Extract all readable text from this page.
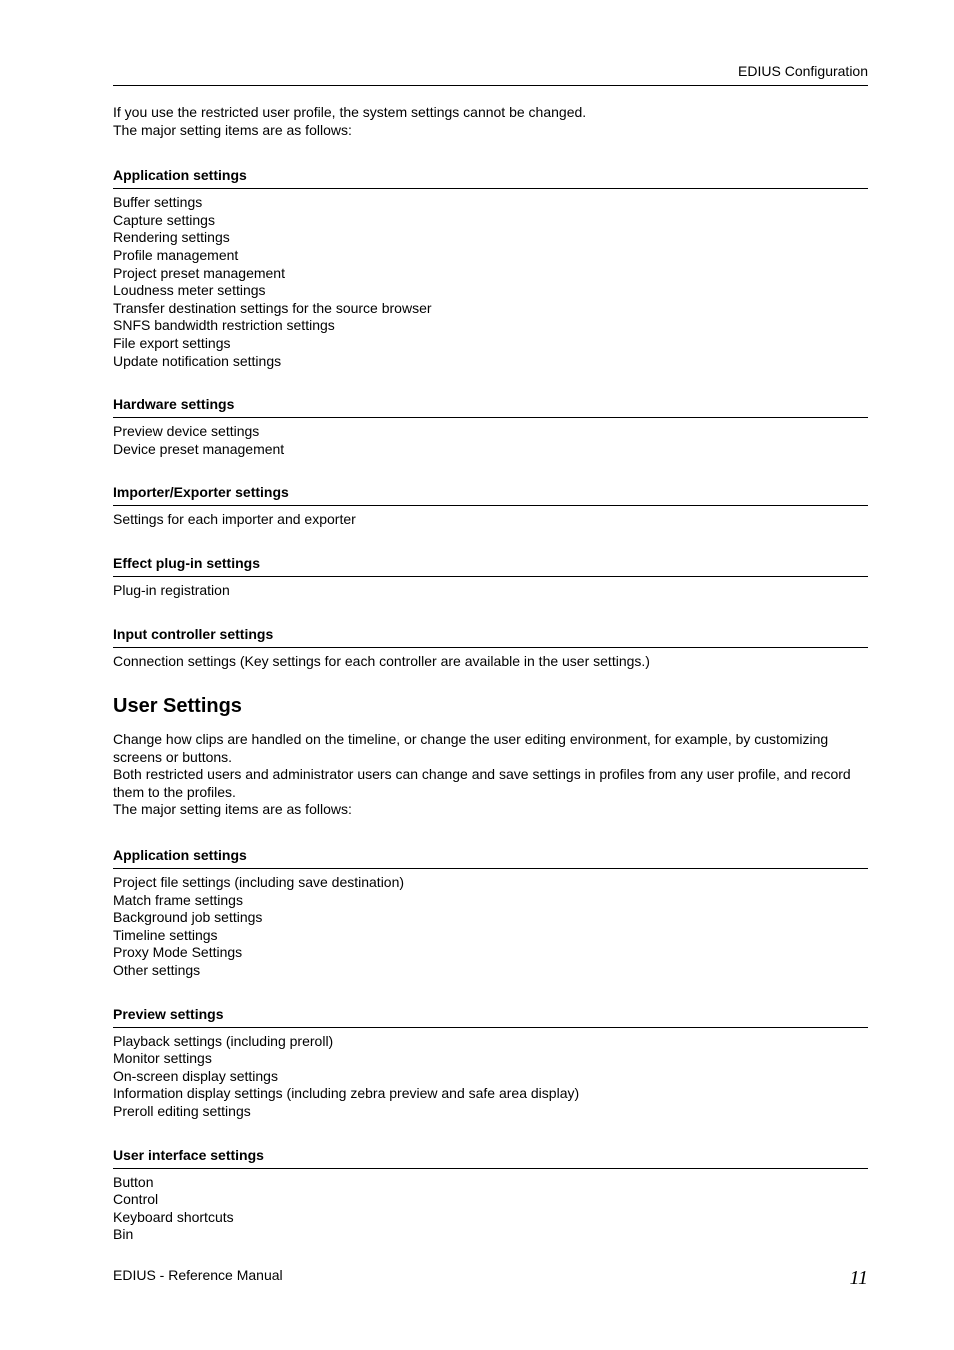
EDIUS Configuration

If you use the restricted user profile, the system settings cannot be changed.

The major setting items are as follows:

Application settings
Buffer settings
Capture settings
Rendering settings
Profile management
Project preset management
Loudness meter settings
Transfer destination settings for the source browser
SNFS bandwidth restriction settings
File export settings
Update notification settings
Hardware settings
Preview device settings
Device preset management
Importer/Exporter settings
Settings for each importer and exporter
Effect plug-in settings
Plug-in registration
Input controller settings
Connection settings (Key settings for each controller are available in the user settings.)
User Settings

Change how clips are handled on the timeline, or change the user editing environment, for example, by customizing screens or buttons.

Both restricted users and administrator users can change and save settings in profiles from any user profile, and record them to the profiles.

The major setting items are as follows:

Application settings
Project file settings (including save destination)
Match frame settings
Background job settings
Timeline settings
Proxy Mode Settings
Other settings
Preview settings
Playback settings (including preroll)
Monitor settings
On-screen display settings
Information display settings (including zebra preview and safe area display)
Preroll editing settings
User interface settings
Button
Control
Keyboard shortcuts
Bin
EDIUS - Reference Manual	11
